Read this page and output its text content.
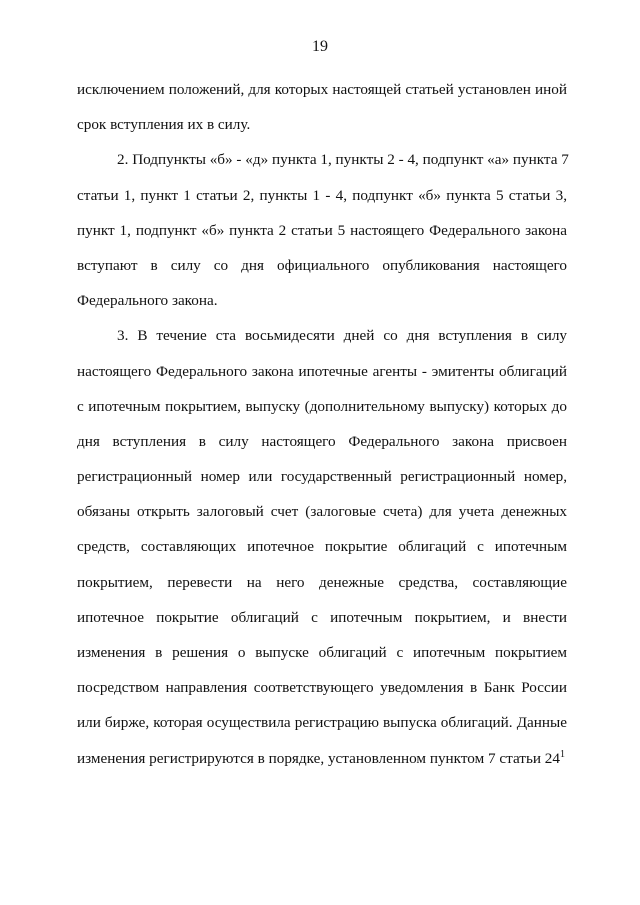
19
исключением положений, для которых настоящей статьей установлен иной
срок вступления их в силу.
2. Подпункты «б» - «д» пункта 1, пункты 2 - 4, подпункт «а» пункта 7
статьи 1, пункт 1 статьи 2, пункты 1 - 4, подпункт «б» пункта 5 статьи 3,
пункт 1, подпункт «б» пункта 2 статьи 5 настоящего Федерального закона
вступают в силу со дня официального опубликования настоящего
Федерального закона.
3. В течение ста восьмидесяти дней со дня вступления в силу
настоящего Федерального закона ипотечные агенты - эмитенты облигаций
с ипотечным покрытием, выпуску (дополнительному выпуску) которых до
дня вступления в силу настоящего Федерального закона присвоен
регистрационный номер или государственный регистрационный номер,
обязаны открыть залоговый счет (залоговые счета) для учета денежных
средств, составляющих ипотечное покрытие облигаций с ипотечным
покрытием, перевести на него денежные средства, составляющие
ипотечное покрытие облигаций с ипотечным покрытием, и внести
изменения в решения о выпуске облигаций с ипотечным покрытием
посредством направления соответствующего уведомления в Банк России
или бирже, которая осуществила регистрацию выпуска облигаций. Данные
изменения регистрируются в порядке, установленном пунктом 7 статьи $24^1$
